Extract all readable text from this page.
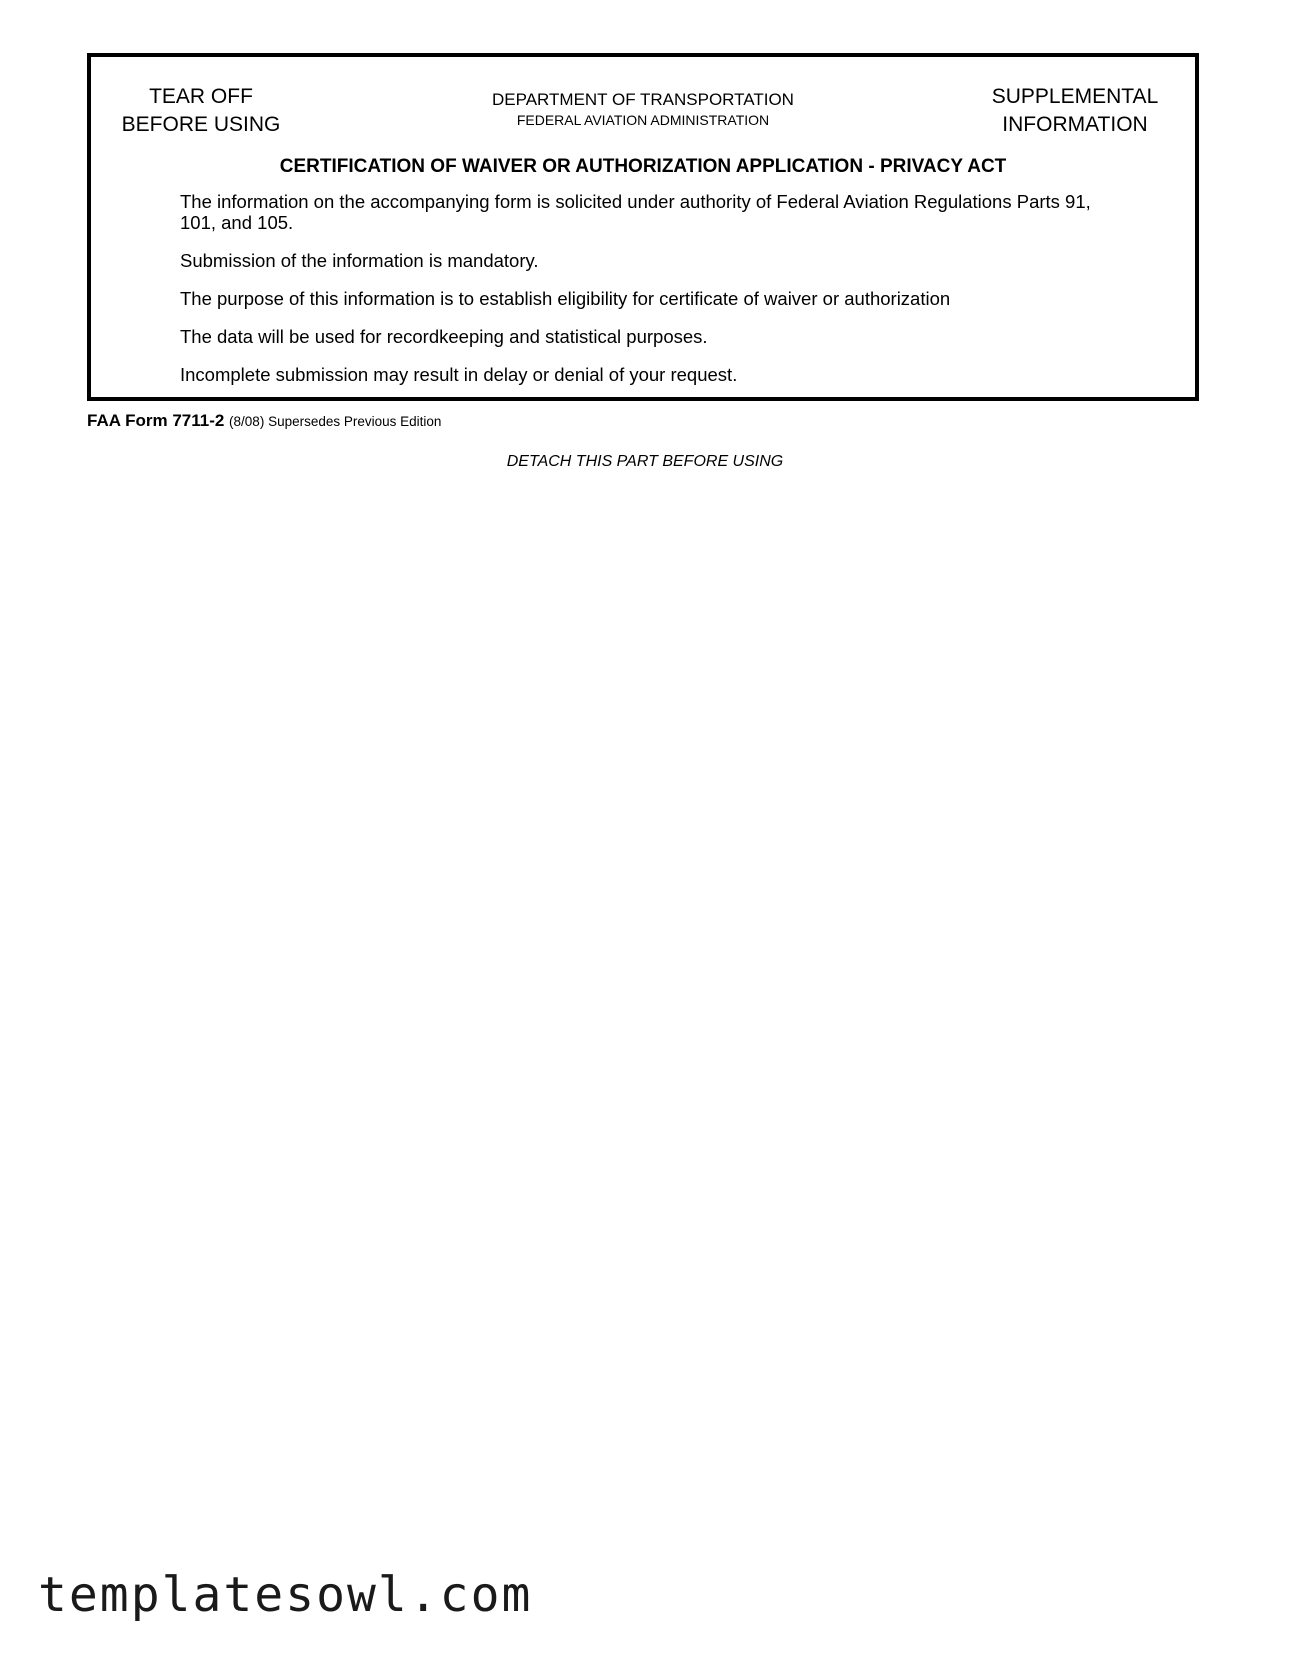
TEAR OFF
BEFORE USING
DEPARTMENT OF TRANSPORTATION
FEDERAL AVIATION ADMINISTRATION
SUPPLEMENTAL
INFORMATION
CERTIFICATION OF WAIVER OR AUTHORIZATION APPLICATION - PRIVACY ACT

The information on the accompanying form is solicited under authority of Federal Aviation Regulations Parts 91, 101, and 105.

Submission of the information is mandatory.

The purpose of this information is to establish eligibility for certificate of waiver or authorization

The data will be used for recordkeeping and statistical purposes.

Incomplete submission may result in delay or denial of your request.

FAA Form 7711-2 (8/08) Supersedes Previous Edition
DETACH THIS PART BEFORE USING
templatesowl.com
